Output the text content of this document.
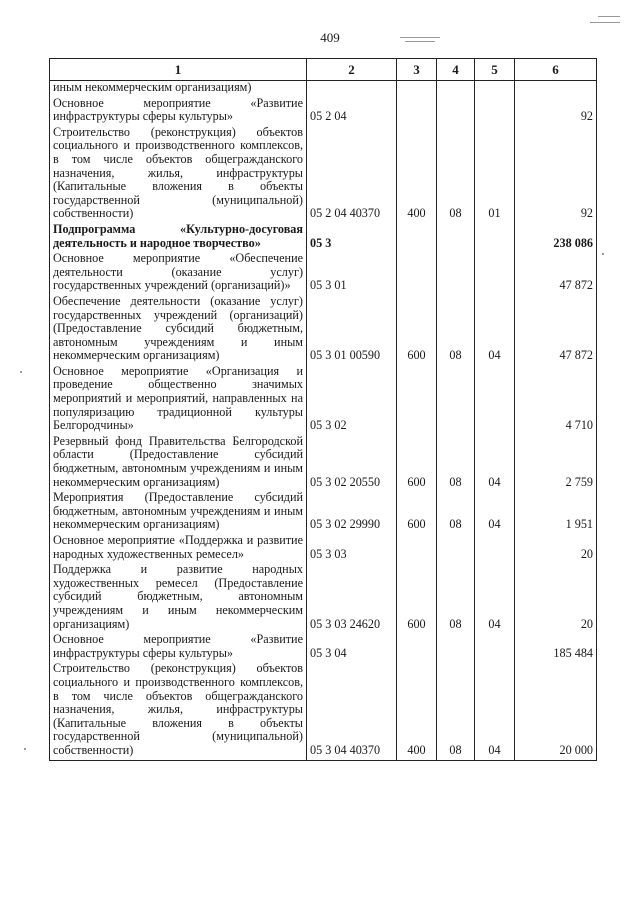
409
1	2	3	4	5	6
иным некоммерческим организациям)					
Основное мероприятие «Развитие инфраструктуры сферы культуры»	05 2 04				92
Строительство (реконструкция) объектов социального и производственного комплексов, в том числе объектов общегражданского назначения, жилья, инфраструктуры (Капитальные вложения в объекты государственной (муниципальной) собственности)	05 2 04 40370	400	08	01	92
Подпрограмма «Культурно-досуговая деятельность и народное творчество»	05 3				238 086
Основное мероприятие «Обеспечение деятельности (оказание услуг) государственных учреждений (организаций)»	05 3 01				47 872
Обеспечение деятельности (оказание услуг) государственных учреждений (организаций) (Предоставление субсидий бюджетным, автономным учреждениям и иным некоммерческим организациям)	05 3 01 00590	600	08	04	47 872
Основное мероприятие «Организация и проведение общественно значимых мероприятий и мероприятий, направленных на популяризацию традиционной культуры Белгородчины»	05 3 02				4 710
Резервный фонд Правительства Белгородской области (Предоставление субсидий бюджетным, автономным учреждениям и иным некоммерческим организациям)	05 3 02 20550	600	08	04	2 759
Мероприятия (Предоставление субсидий бюджетным, автономным учреждениям и иным некоммерческим организациям)	05 3 02 29990	600	08	04	1 951
Основное мероприятие «Поддержка и развитие народных художественных ремесел»	05 3 03				20
Поддержка и развитие народных художественных ремесел (Предоставление субсидий бюджетным, автономным учреждениям и иным некоммерческим организациям)	05 3 03 24620	600	08	04	20
Основное мероприятие «Развитие инфраструктуры сферы культуры»	05 3 04				185 484
Строительство (реконструкция) объектов социального и производственного комплексов, в том числе объектов общегражданского назначения, жилья, инфраструктуры (Капитальные вложения в объекты государственной (муниципальной) собственности)	05 3 04 40370	400	08	04	20 000
